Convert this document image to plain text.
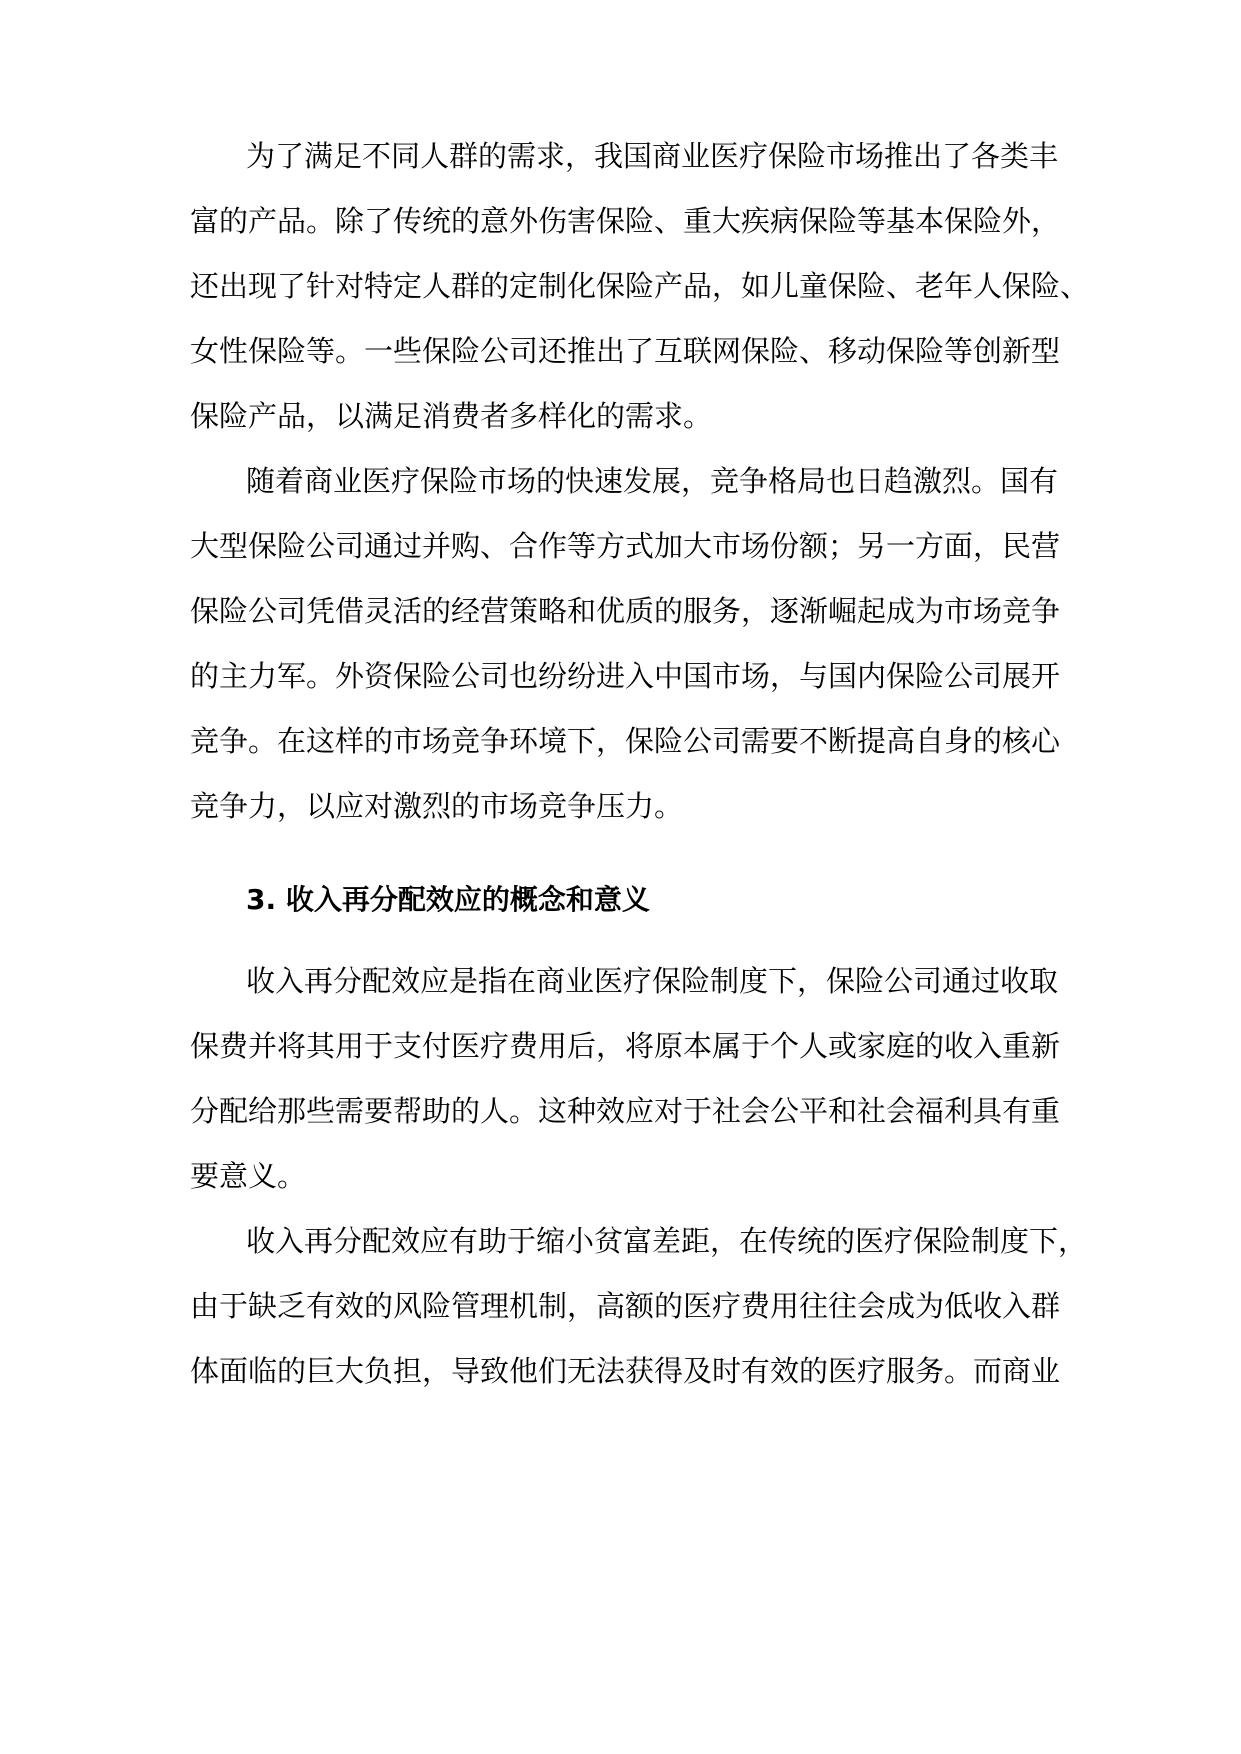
为了满足不同人群的需求，我国商业医疗保险市场推出了各类丰
富的产品。除了传统的意外伤害保险、重大疾病保险等基本保险外，
还出现了针对特定人群的定制化保险产品，如儿童保险、老年人保险、
女性保险等。一些保险公司还推出了互联网保险、移动保险等创新型
保险产品，以满足消费者多样化的需求。
随着商业医疗保险市场的快速发展，竞争格局也日趋激烈。国有
大型保险公司通过并购、合作等方式加大市场份额；另一方面，民营
保险公司凭借灵活的经营策略和优质的服务，逐渐崛起成为市场竞争
的主力军。外资保险公司也纷纷进入中国市场，与国内保险公司展开
竞争。在这样的市场竞争环境下，保险公司需要不断提高自身的核心
竞争力，以应对激烈的市场竞争压力。
3. 收入再分配效应的概念和意义
收入再分配效应是指在商业医疗保险制度下，保险公司通过收取
保费并将其用于支付医疗费用后，将原本属于个人或家庭的收入重新
分配给那些需要帮助的人。这种效应对于社会公平和社会福利具有重
要意义。
收入再分配效应有助于缩小贫富差距，在传统的医疗保险制度下，
由于缺乏有效的风险管理机制，高额的医疗费用往往会成为低收入群
体面临的巨大负担，导致他们无法获得及时有效的医疗服务。而商业
